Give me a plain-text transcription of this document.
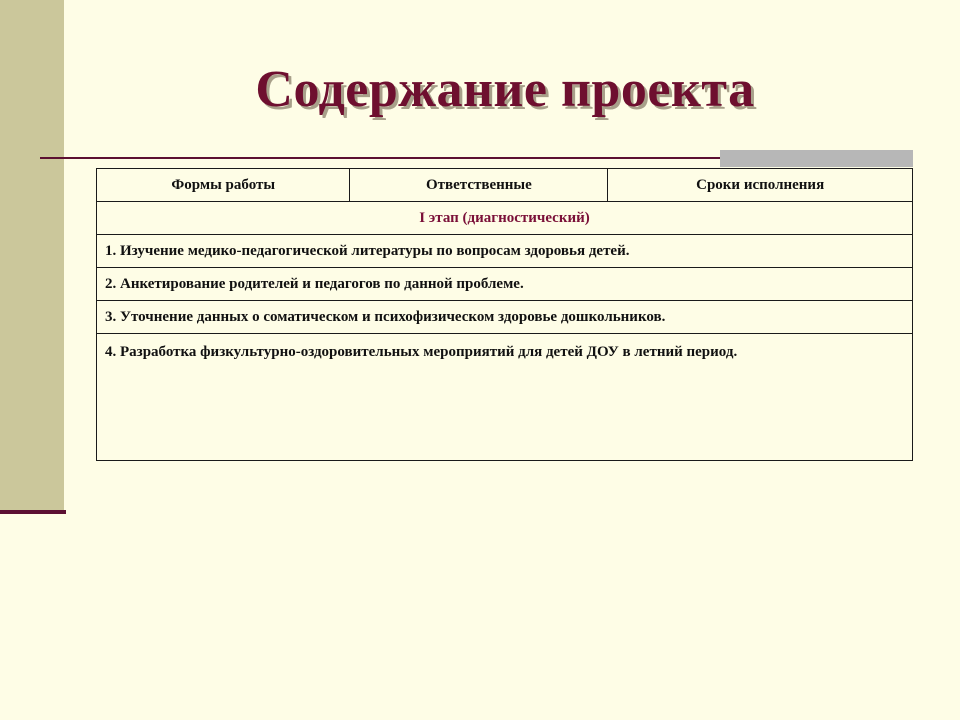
Содержание проекта
Формы работы	Ответственные	Сроки исполнения
I этап (диагностический)
1. Изучение медико-педагогической литературы по вопросам здоровья детей.
2. Анкетирование родителей и педагогов по данной проблеме.
3. Уточнение данных о соматическом и психофизическом здоровье дошкольников.
4. Разработка физкультурно-оздоровительных мероприятий для детей ДОУ в летний период.
